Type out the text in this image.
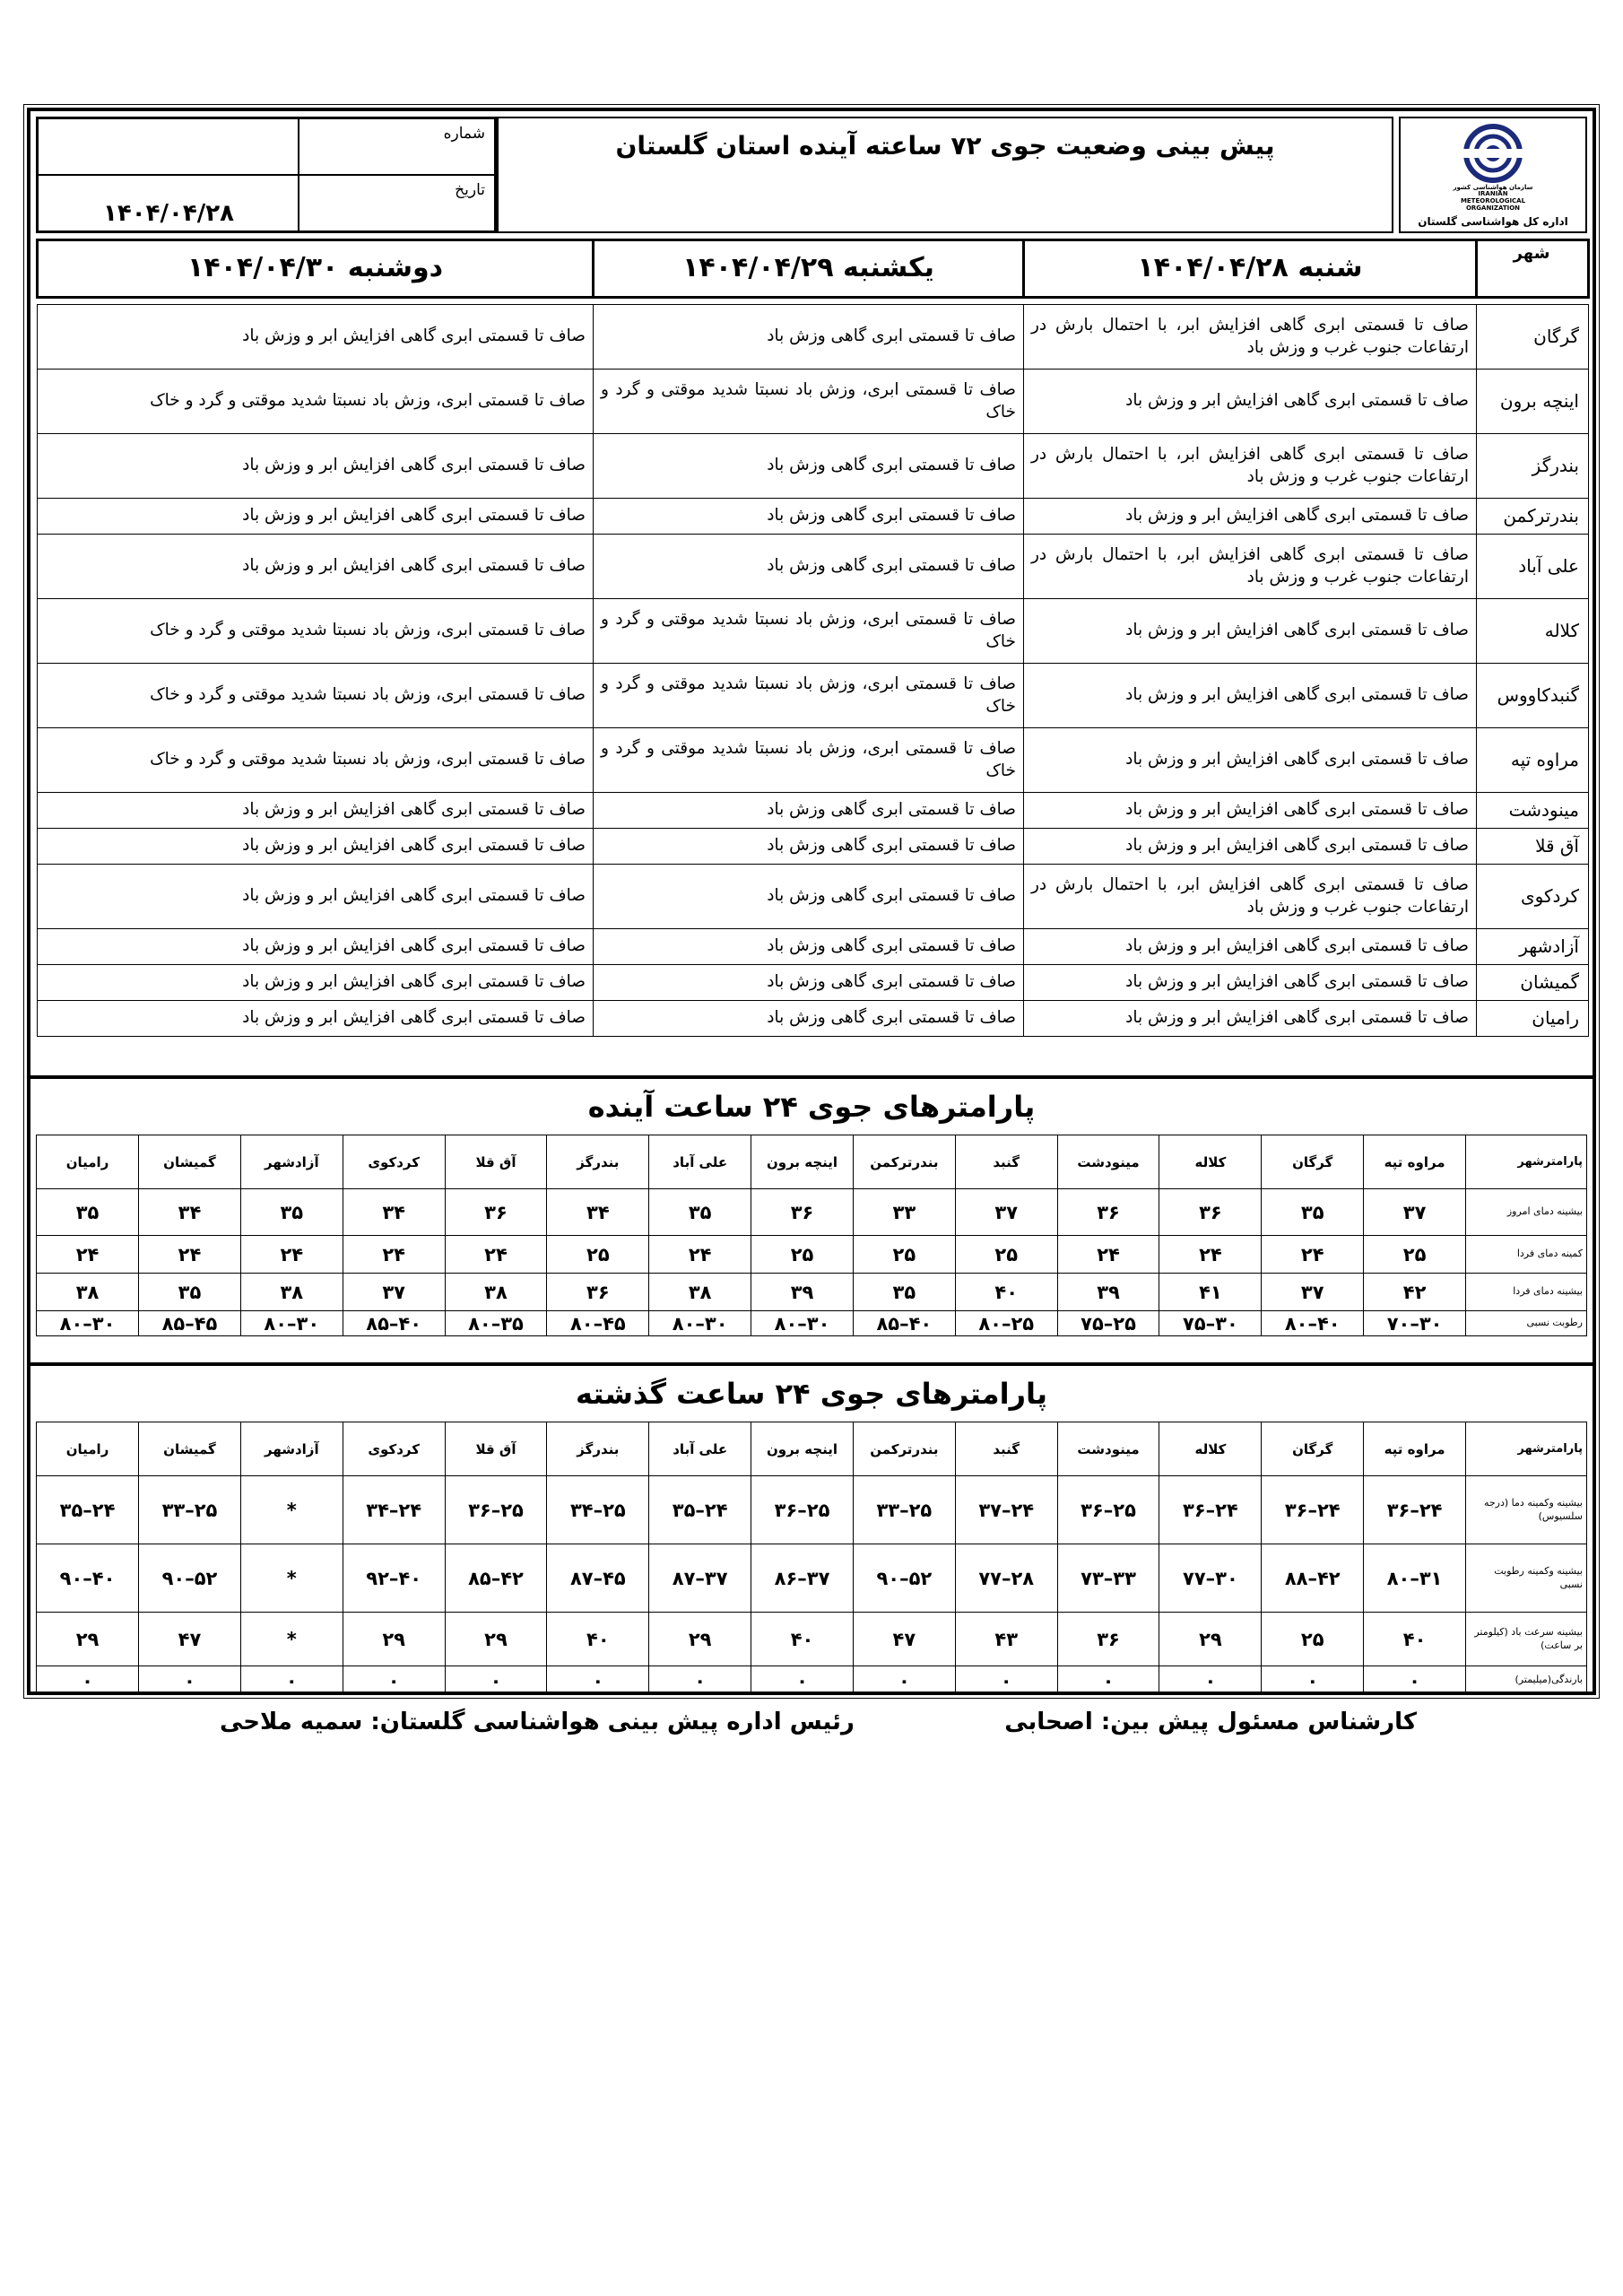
سازمان هواشناسی کشور
IRANIAN
METEOROLOGICAL
ORGANIZATION
اداره کل هواشناسی گلستان
پیش بینی وضعیت جوی ۷۲ ساعته آینده استان گلستان
شماره
تاریخ
۱۴۰۴/۰۴/۲۸
شهر	شنبه ۱۴۰۴/۰۴/۲۸	یکشنبه ۱۴۰۴/۰۴/۲۹	دوشنبه ۱۴۰۴/۰۴/۳۰

گرگان	صاف تا قسمتی ابری گاهی افزایش ابر، با احتمال بارش در ارتفاعات جنوب غرب و وزش باد	صاف تا قسمتی ابری گاهی وزش باد	صاف تا قسمتی ابری گاهی افزایش ابر و وزش باد
اینچه برون	صاف تا قسمتی ابری گاهی افزایش ابر و وزش باد	صاف تا قسمتی ابری، وزش باد نسبتا شدید موقتی و گرد و خاک	صاف تا قسمتی ابری، وزش باد نسبتا شدید موقتی و گرد و خاک
بندرگز	صاف تا قسمتی ابری گاهی افزایش ابر، با احتمال بارش در ارتفاعات جنوب غرب و وزش باد	صاف تا قسمتی ابری گاهی وزش باد	صاف تا قسمتی ابری گاهی افزایش ابر و وزش باد
بندرترکمن	صاف تا قسمتی ابری گاهی افزایش ابر و وزش باد	صاف تا قسمتی ابری گاهی وزش باد	صاف تا قسمتی ابری گاهی افزایش ابر و وزش باد
علی آباد	صاف تا قسمتی ابری گاهی افزایش ابر، با احتمال بارش در ارتفاعات جنوب غرب و وزش باد	صاف تا قسمتی ابری گاهی وزش باد	صاف تا قسمتی ابری گاهی افزایش ابر و وزش باد
کلاله	صاف تا قسمتی ابری گاهی افزایش ابر و وزش باد	صاف تا قسمتی ابری، وزش باد نسبتا شدید موقتی و گرد و خاک	صاف تا قسمتی ابری، وزش باد نسبتا شدید موقتی و گرد و خاک
گنبدکاووس	صاف تا قسمتی ابری گاهی افزایش ابر و وزش باد	صاف تا قسمتی ابری، وزش باد نسبتا شدید موقتی و گرد و خاک	صاف تا قسمتی ابری، وزش باد نسبتا شدید موقتی و گرد و خاک
مراوه تپه	صاف تا قسمتی ابری گاهی افزایش ابر و وزش باد	صاف تا قسمتی ابری، وزش باد نسبتا شدید موقتی و گرد و خاک	صاف تا قسمتی ابری، وزش باد نسبتا شدید موقتی و گرد و خاک
مینودشت	صاف تا قسمتی ابری گاهی افزایش ابر و وزش باد	صاف تا قسمتی ابری گاهی وزش باد	صاف تا قسمتی ابری گاهی افزایش ابر و وزش باد
آق قلا	صاف تا قسمتی ابری گاهی افزایش ابر و وزش باد	صاف تا قسمتی ابری گاهی وزش باد	صاف تا قسمتی ابری گاهی افزایش ابر و وزش باد
کردکوی	صاف تا قسمتی ابری گاهی افزایش ابر، با احتمال بارش در ارتفاعات جنوب غرب و وزش باد	صاف تا قسمتی ابری گاهی وزش باد	صاف تا قسمتی ابری گاهی افزایش ابر و وزش باد
آزادشهر	صاف تا قسمتی ابری گاهی افزایش ابر و وزش باد	صاف تا قسمتی ابری گاهی وزش باد	صاف تا قسمتی ابری گاهی افزایش ابر و وزش باد
گمیشان	صاف تا قسمتی ابری گاهی افزایش ابر و وزش باد	صاف تا قسمتی ابری گاهی وزش باد	صاف تا قسمتی ابری گاهی افزایش ابر و وزش باد
رامیان	صاف تا قسمتی ابری گاهی افزایش ابر و وزش باد	صاف تا قسمتی ابری گاهی وزش باد	صاف تا قسمتی ابری گاهی افزایش ابر و وزش باد
پارامترهای جوی ۲۴ ساعت آینده
پارامترشهر	مراوه تپه	گرگان	کلاله	مینودشت	گنبد	بندرترکمن	اینچه برون	علی آباد	بندرگز	آق قلا	کردکوی	آزادشهر	گمیشان	رامیان
بیشینه دمای امروز	۳۷	۳۵	۳۶	۳۶	۳۷	۳۳	۳۶	۳۵	۳۴	۳۶	۳۴	۳۵	۳۴	۳۵
کمینه دمای فردا	۲۵	۲۴	۲۴	۲۴	۲۵	۲۵	۲۵	۲۴	۲۵	۲۴	۲۴	۲۴	۲۴	۲۴
بیشینه دمای فردا	۴۲	۳۷	۴۱	۳۹	۴۰	۳۵	۳۹	۳۸	۳۶	۳۸	۳۷	۳۸	۳۵	۳۸
رطوبت نسبی	۳۰–۷۰	۴۰–۸۰	۳۰–۷۵	۲۵–۷۵	۲۵–۸۰	۴۰–۸۵	۳۰–۸۰	۳۰–۸۰	۴۵–۸۰	۳۵–۸۰	۴۰–۸۵	۳۰–۸۰	۴۵–۸۵	۳۰–۸۰
پارامترهای جوی ۲۴ ساعت گذشته
پارامترشهر	مراوه تپه	گرگان	کلاله	مینودشت	گنبد	بندرترکمن	اینچه برون	علی آباد	بندرگز	آق قلا	کردکوی	آزادشهر	گمیشان	رامیان
بیشینه وکمینه دما (درجه سلسیوس)	۲۴–۳۶	۲۴–۳۶	۲۴–۳۶	۲۵–۳۶	۲۴–۳۷	۲۵–۳۳	۲۵–۳۶	۲۴–۳۵	۲۵–۳۴	۲۵–۳۶	۲۴–۳۴	*	۲۵–۳۳	۲۴–۳۵
بیشینه وکمینه رطوبت نسبی	۳۱–۸۰	۴۲–۸۸	۳۰–۷۷	۳۳–۷۳	۲۸–۷۷	۵۲–۹۰	۳۷–۸۶	۳۷–۸۷	۴۵–۸۷	۴۲–۸۵	۴۰–۹۲	*	۵۲–۹۰	۴۰–۹۰
بیشینه سرعت باد (کیلومتر بر ساعت)	۴۰	۲۵	۲۹	۳۶	۴۳	۴۷	۴۰	۲۹	۴۰	۲۹	۲۹	*	۴۷	۲۹
بارندگی(میلیمتر)	۰	۰	۰	۰	۰	۰	۰	۰	۰	۰	۰	۰	۰	۰
کارشناس مسئول پیش بین: اصحابی
رئیس اداره پیش بینی هواشناسی گلستان: سمیه ملاحی
